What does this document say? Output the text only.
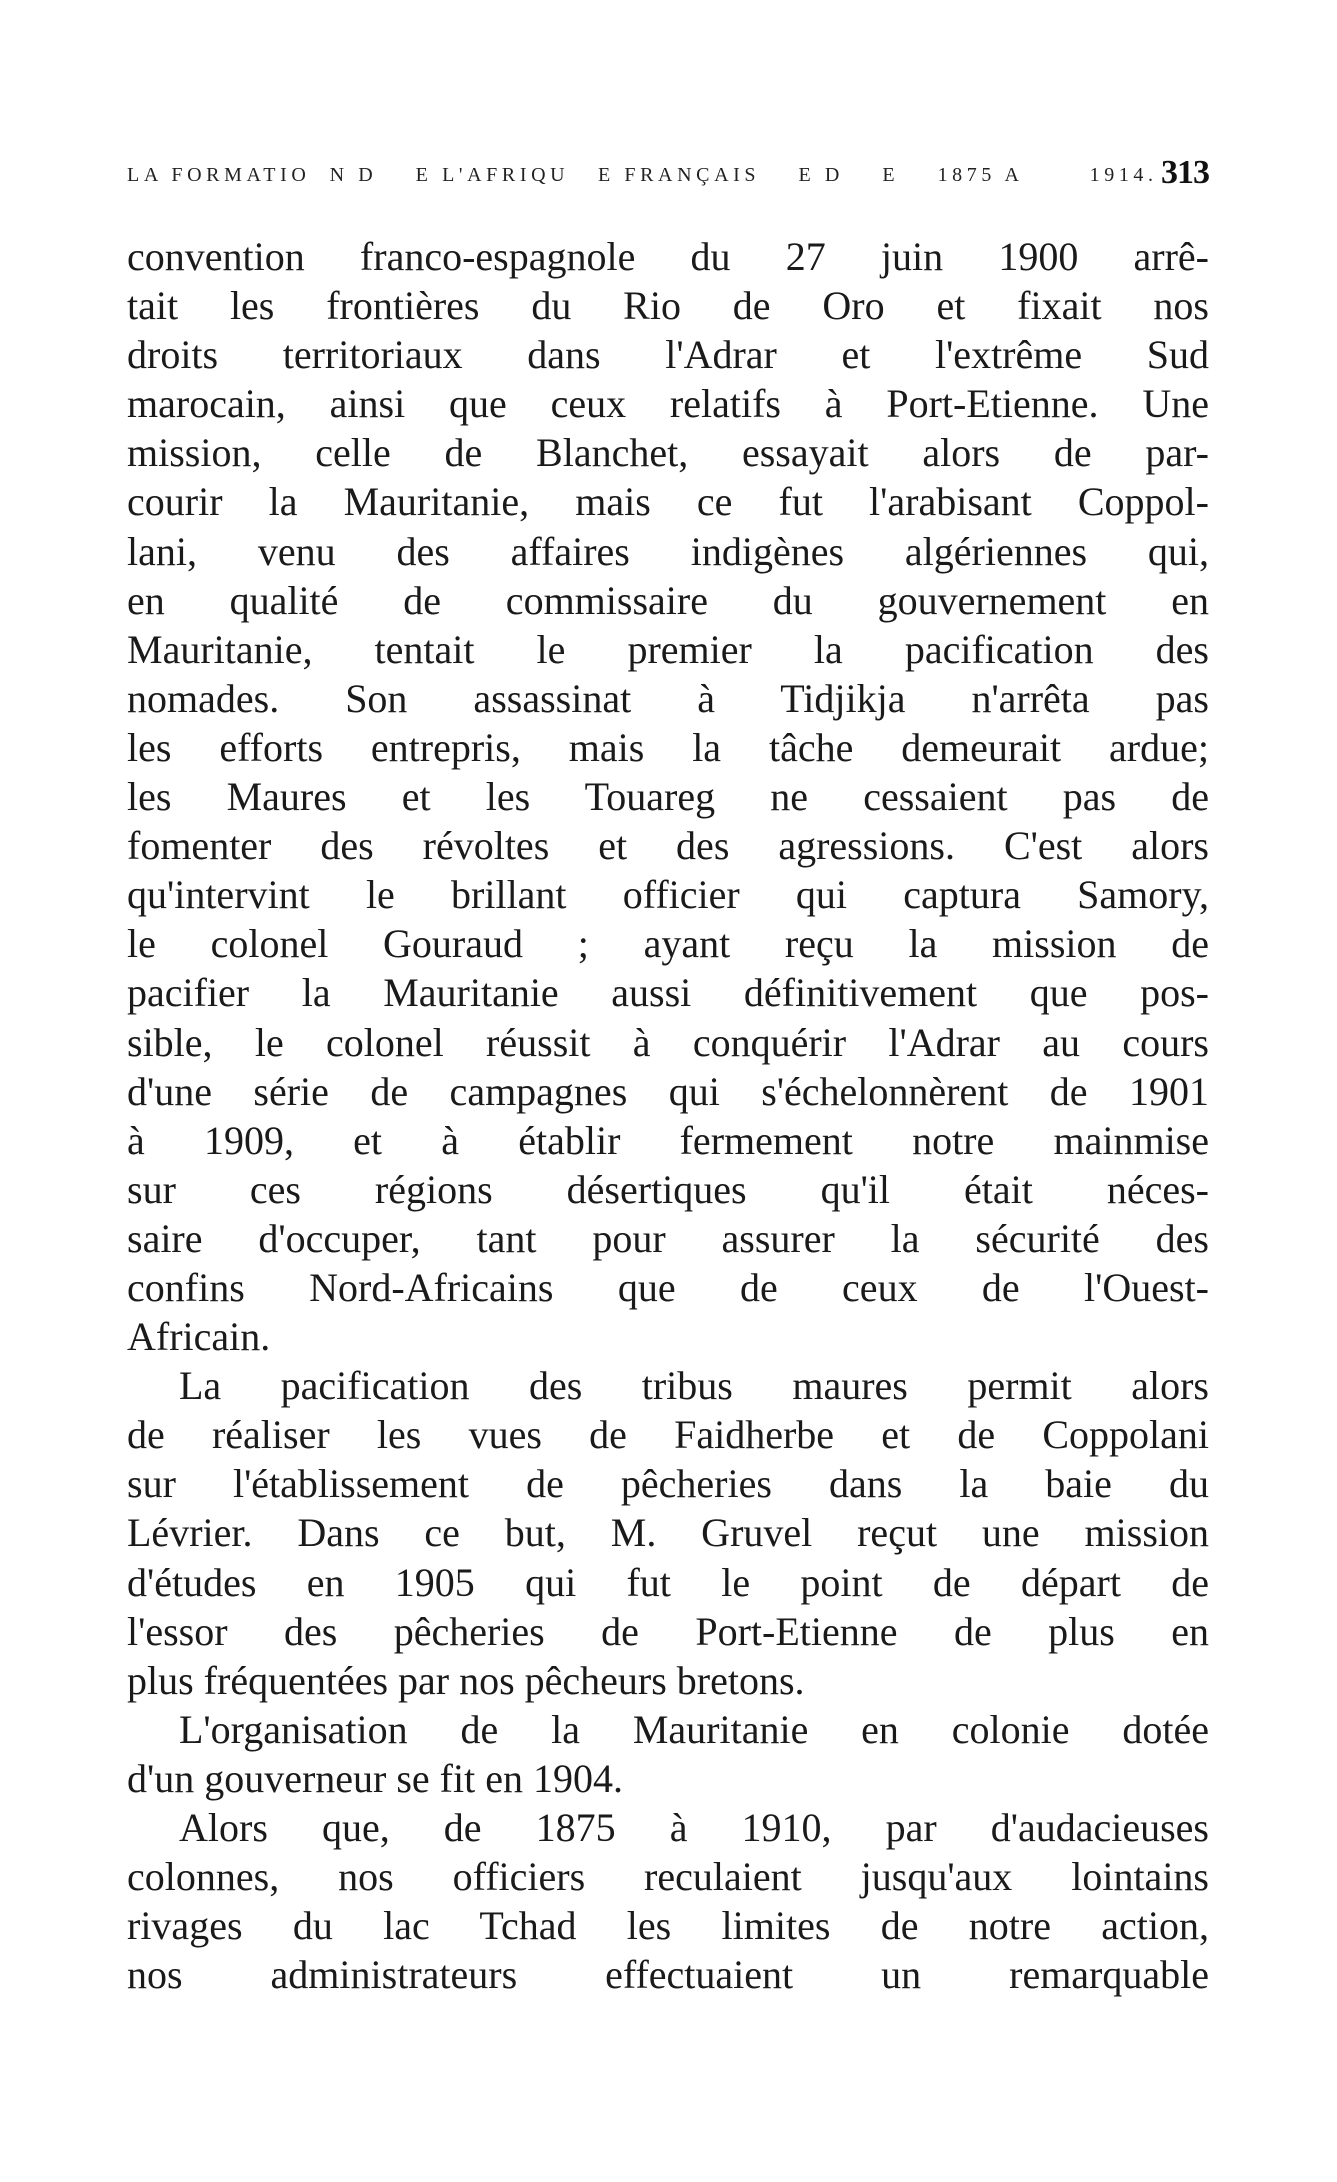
LA FORMATIO  N D    E L'AFRIQU   E FRANÇAIS    E D    E    1875 A       1914. 313
convention franco-espagnole du 27 juin 1900 arrê-
tait les frontières du Rio de Oro et fixait nos
droits territoriaux dans l'Adrar et l'extrême Sud
marocain, ainsi que ceux relatifs à Port-Etienne. Une
mission, celle de Blanchet, essayait alors de par-
courir la Mauritanie, mais ce fut l'arabisant Coppol-
lani, venu des affaires indigènes algériennes qui,
en qualité de commissaire du gouvernement en
Mauritanie, tentait le premier la pacification des
nomades. Son assassinat à Tidjikja n'arrêta pas
les efforts entrepris, mais la tâche demeurait ardue;
les Maures et les Touareg ne cessaient pas de
fomenter des révoltes et des agressions. C'est alors
qu'intervint le brillant officier qui captura Samory,
le colonel Gouraud ; ayant reçu la mission de
pacifier la Mauritanie aussi définitivement que pos-
sible, le colonel réussit à conquérir l'Adrar au cours
d'une série de campagnes qui s'échelonnèrent de 1901
à 1909, et à établir fermement notre mainmise
sur ces régions désertiques qu'il était néces-
saire d'occuper, tant pour assurer la sécurité des
confins Nord-Africains que de ceux de l'Ouest-
Africain.
La pacification des tribus maures permit alors
de réaliser les vues de Faidherbe et de Coppolani
sur l'établissement de pêcheries dans la baie du
Lévrier. Dans ce but, M. Gruvel reçut une mission
d'études en 1905 qui fut le point de départ de
l'essor des pêcheries de Port-Etienne de plus en
plus fréquentées par nos pêcheurs bretons.
L'organisation de la Mauritanie en colonie dotée
d'un gouverneur se fit en 1904.
Alors que, de 1875 à 1910, par d'audacieuses
colonnes, nos officiers reculaient jusqu'aux lointains
rivages du lac Tchad les limites de notre action,
nos administrateurs effectuaient un remarquable
